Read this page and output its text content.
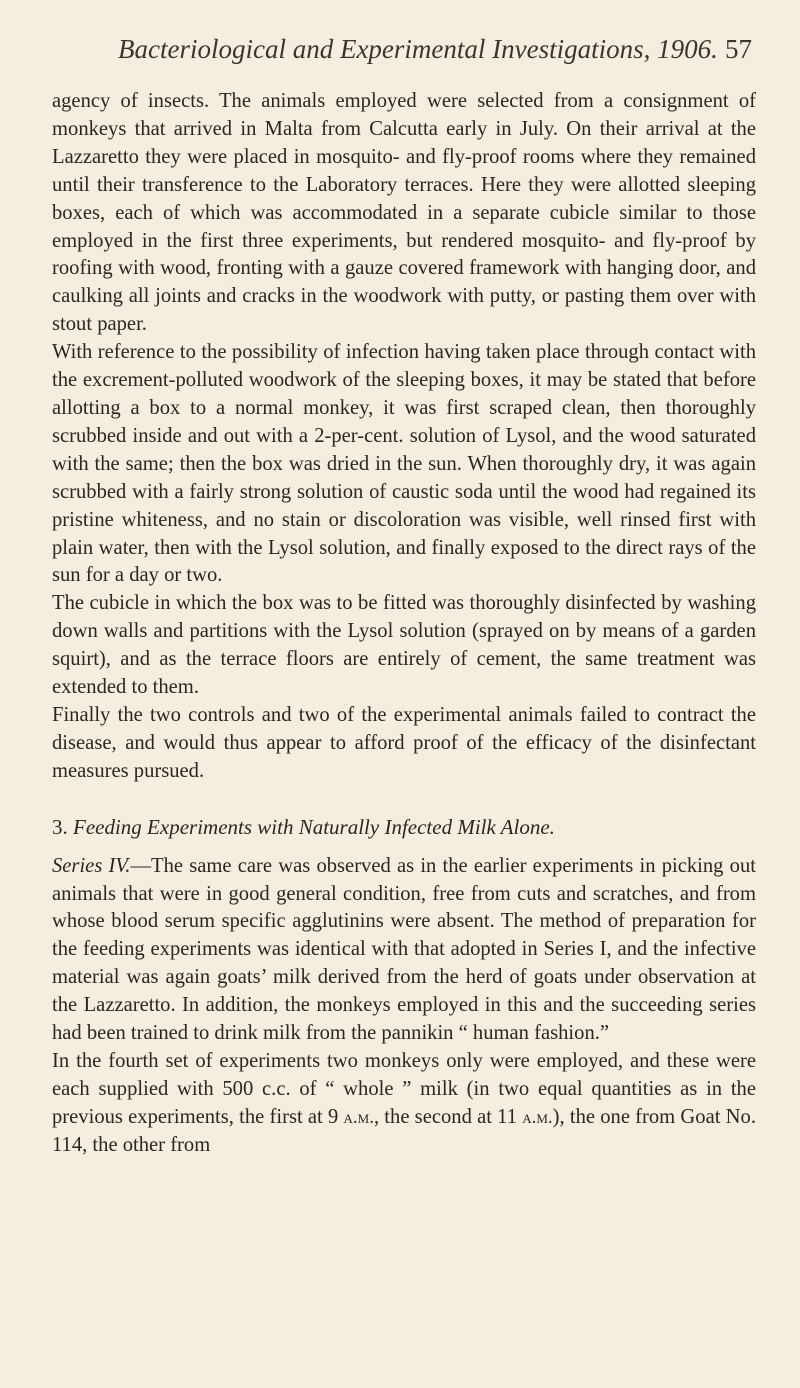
Bacteriological and Experimental Investigations, 1906. 57

agency of insects. The animals employed were selected from a consignment of monkeys that arrived in Malta from Calcutta early in July. On their arrival at the Lazzaretto they were placed in mosquito- and fly-proof rooms where they remained until their transference to the Laboratory terraces. Here they were allotted sleeping boxes, each of which was accommodated in a separate cubicle similar to those employed in the first three experiments, but rendered mosquito- and fly-proof by roofing with wood, fronting with a gauze covered framework with hanging door, and caulking all joints and cracks in the woodwork with putty, or pasting them over with stout paper.

With reference to the possibility of infection having taken place through contact with the excrement-polluted woodwork of the sleeping boxes, it may be stated that before allotting a box to a normal monkey, it was first scraped clean, then thoroughly scrubbed inside and out with a 2-per-cent. solution of Lysol, and the wood saturated with the same; then the box was dried in the sun. When thoroughly dry, it was again scrubbed with a fairly strong solution of caustic soda until the wood had regained its pristine whiteness, and no stain or discoloration was visible, well rinsed first with plain water, then with the Lysol solution, and finally exposed to the direct rays of the sun for a day or two.

The cubicle in which the box was to be fitted was thoroughly disinfected by washing down walls and partitions with the Lysol solution (sprayed on by means of a garden squirt), and as the terrace floors are entirely of cement, the same treatment was extended to them.

Finally the two controls and two of the experimental animals failed to contract the disease, and would thus appear to afford proof of the efficacy of the disinfectant measures pursued.

3. Feeding Experiments with Naturally Infected Milk Alone.

Series IV.—The same care was observed as in the earlier experiments in picking out animals that were in good general condition, free from cuts and scratches, and from whose blood serum specific agglutinins were absent. The method of preparation for the feeding experiments was identical with that adopted in Series I, and the infective material was again goats’ milk derived from the herd of goats under observation at the Lazzaretto. In addition, the monkeys employed in this and the succeeding series had been trained to drink milk from the pannikin “ human fashion.”

In the fourth set of experiments two monkeys only were employed, and these were each supplied with 500 c.c. of “ whole ” milk (in two equal quantities as in the previous experiments, the first at 9 a.m., the second at 11 a.m.), the one from Goat No. 114, the other from
